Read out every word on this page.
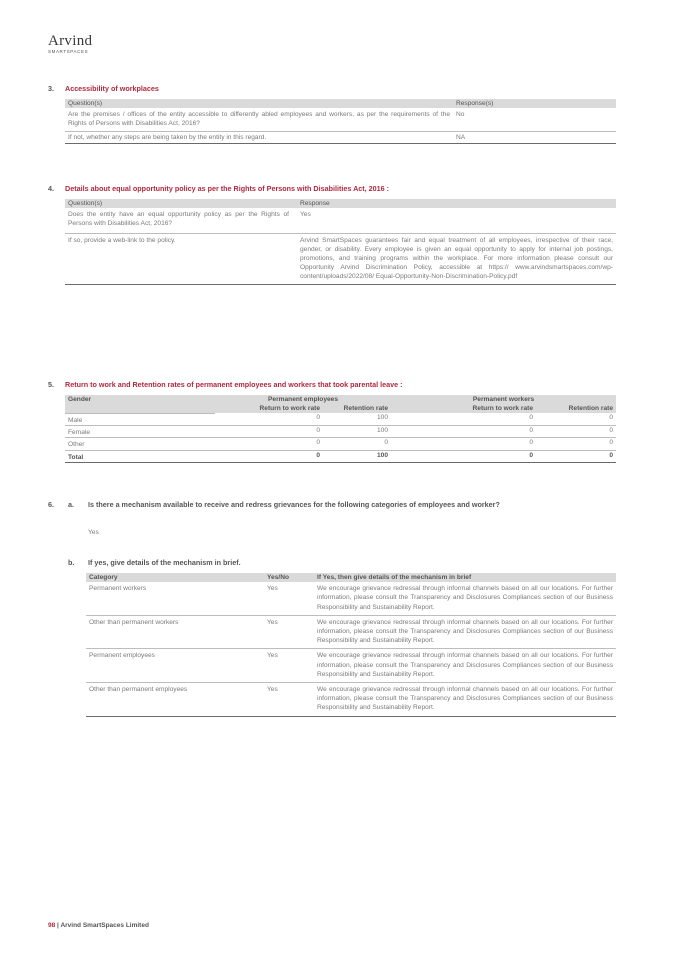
Arvind
SMARTSPACES
3. Accessibility of workplaces
Question(s)	Response(s)
Are the premises / offices of the entity accessible to differently abled employees and workers, as per the requirements of the Rights of Persons with Disabilities Act, 2016?	No
If not, whether any steps are being taken by the entity in this regard.	NA
4. Details about equal opportunity policy as per the Rights of Persons with Disabilities Act, 2016 :
Question(s)	Response
Does the entity have an equal opportunity policy as per the Rights of Persons with Disabilities Act, 2016?	Yes
If so, provide a web-link to the policy.	Arvind SmartSpaces guarantees fair and equal treatment of all employees, irrespective of their race, gender, or disability. Every employee is given an equal opportunity to apply for internal job postings, promotions, and training programs within the workplace. For more information please consult our Opportunity Arvind Discrimination Policy, accessible at https:// www.arvindsmartspaces.com/wp-content/uploads/2022/08/ Equal-Opportunity-Non-Discrimination-Policy.pdf
5. Return to work and Retention rates of permanent employees and workers that took parental leave :
Gender	Permanent employees		Permanent workers	
	Return to work rate	Retention rate	Return to work rate	Retention rate
Male	0	100	0	0
Female	0	100	0	0
Other	0	0	0	0
Total	0	100	0	0
6. a. Is there a mechanism available to receive and redress grievances for the following categories of employees and worker?
Yes
b. If yes, give details of the mechanism in brief.
Category	Yes/No	If Yes, then give details of the mechanism in brief
Permanent workers	Yes	We encourage grievance redressal through informal channels based on all our locations. For further information, please consult the Transparency and Disclosures Compliances section of our Business Responsibility and Sustainability Report.
Other than permanent workers	Yes	We encourage grievance redressal through informal channels based on all our locations. For further information, please consult the Transparency and Disclosures Compliances section of our Business Responsibility and Sustainability Report.
Permanent employees	Yes	We encourage grievance redressal through informal channels based on all our locations. For further information, please consult the Transparency and Disclosures Compliances section of our Business Responsibility and Sustainability Report.
Other than permanent employees	Yes	We encourage grievance redressal through informal channels based on all our locations. For further information, please consult the Transparency and Disclosures Compliances section of our Business Responsibility and Sustainability Report.
98 | Arvind SmartSpaces Limited
